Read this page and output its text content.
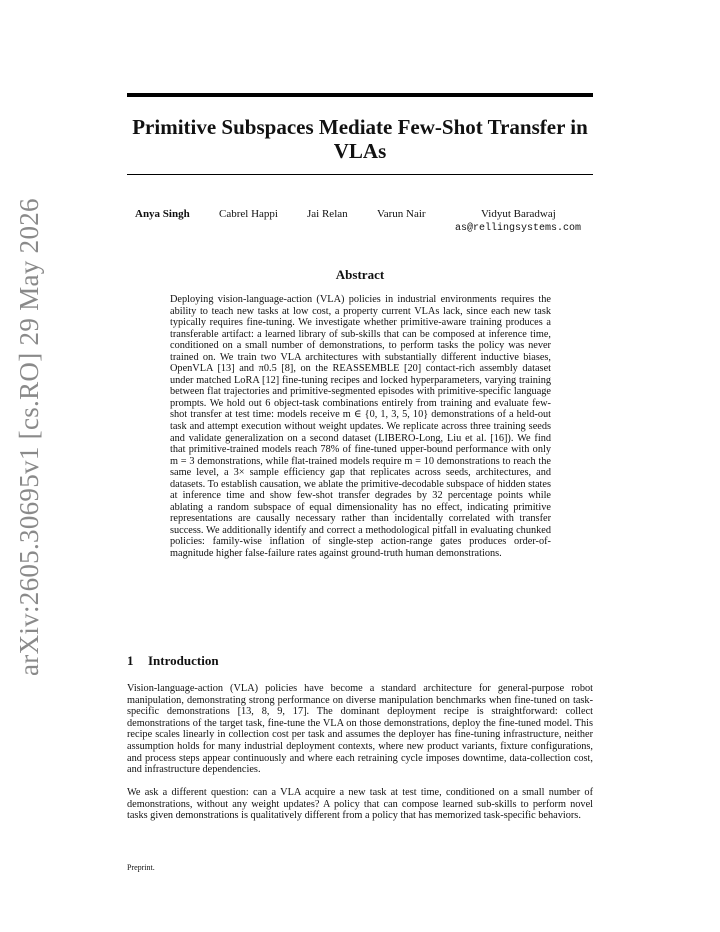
arXiv:2605.30695v1 [cs.RO] 29 May 2026
Primitive Subspaces Mediate Few-Shot Transfer in VLAs
Anya Singh	Cabrel Happi	Jai Relan	Varun Nair	Vidyut Baradwaj
as@rellingsystems.com
Abstract

Deploying vision-language-action (VLA) policies in industrial environments requires the ability to teach new tasks at low cost, a property current VLAs lack, since each new task typically requires fine-tuning. We investigate whether primitive-aware training produces a transferable artifact: a learned library of sub-skills that can be composed at inference time, conditioned on a small number of demonstrations, to perform tasks the policy was never trained on. We train two VLA architectures with substantially different inductive biases, OpenVLA [13] and π0.5 [8], on the REASSEMBLE [20] contact-rich assembly dataset under matched LoRA [12] fine-tuning recipes and locked hyperparameters, varying training between flat trajectories and primitive-segmented episodes with primitive-specific language prompts. We hold out 6 object-task combinations entirely from training and evaluate few-shot transfer at test time: models receive m ∈ {0, 1, 3, 5, 10} demonstrations of a held-out task and attempt execution without weight updates. We replicate across three training seeds and validate generalization on a second dataset (LIBERO-Long, Liu et al. [16]). We find that primitive-trained models reach 78% of fine-tuned upper-bound performance with only m = 3 demonstrations, while flat-trained models require m = 10 demonstrations to reach the same level, a 3× sample efficiency gap that replicates across seeds, architectures, and datasets. To establish causation, we ablate the primitive-decodable subspace of hidden states at inference time and show few-shot transfer degrades by 32 percentage points while ablating a random subspace of equal dimensionality has no effect, indicating primitive representations are causally necessary rather than incidentally correlated with transfer success. We additionally identify and correct a methodological pitfall in evaluating chunked policies: family-wise inflation of single-step action-range gates produces order-of-magnitude higher false-failure rates against ground-truth human demonstrations.

1 Introduction

Vision-language-action (VLA) policies have become a standard architecture for general-purpose robot manipulation, demonstrating strong performance on diverse manipulation benchmarks when fine-tuned on task-specific demonstrations [13, 8, 9, 17]. The dominant deployment recipe is straightforward: collect demonstrations of the target task, fine-tune the VLA on those demonstrations, deploy the fine-tuned model. This recipe scales linearly in collection cost per task and assumes the deployer has fine-tuning infrastructure, neither assumption holds for many industrial deployment contexts, where new product variants, fixture configurations, and process steps appear continuously and where each retraining cycle imposes downtime, data-collection cost, and infrastructure dependencies.

We ask a different question: can a VLA acquire a new task at test time, conditioned on a small number of demonstrations, without any weight updates? A policy that can compose learned sub-skills to perform novel tasks given demonstrations is qualitatively different from a policy that has memorized task-specific behaviors.

Preprint.
